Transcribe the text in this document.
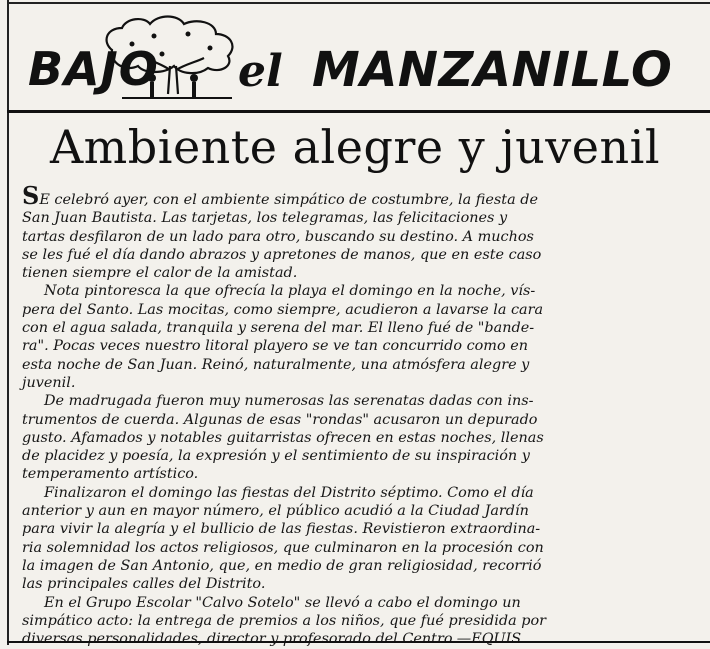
BAJO el MANZANILLO
Ambiente alegre y juvenil
SE celebró ayer, con el ambiente simpático de costumbre, la fiesta de
San Juan Bautista. Las tarjetas, los telegramas, las felicitaciones y
tartas desfilaron de un lado para otro, buscando su destino. A muchos
se les fué el día dando abrazos y apretones de manos, que en este caso
tienen siempre el calor de la amistad.
Nota pintoresca la que ofrecía la playa el domingo en la noche, vís-
pera del Santo. Las mocitas, como siempre, acudieron a lavarse la cara
con el agua salada, tranquila y serena del mar. El lleno fué de "bande-
ra". Pocas veces nuestro litoral playero se ve tan concurrido como en
esta noche de San Juan. Reinó, naturalmente, una atmósfera alegre y
juvenil.
De madrugada fueron muy numerosas las serenatas dadas con ins-
trumentos de cuerda. Algunas de esas "rondas" acusaron un depurado
gusto. Afamados y notables guitarristas ofrecen en estas noches, llenas
de placidez y poesía, la expresión y el sentimiento de su inspiración y
temperamento artístico.
Finalizaron el domingo las fiestas del Distrito séptimo. Como el día
anterior y aun en mayor número, el público acudió a la Ciudad Jardín
para vivir la alegría y el bullicio de las fiestas. Revistieron extraordina-
ria solemnidad los actos religiosos, que culminaron en la procesión con
la imagen de San Antonio, que, en medio de gran religiosidad, recorrió
las principales calles del Distrito.
En el Grupo Escolar "Calvo Sotelo" se llevó a cabo el domingo un
simpático acto: la entrega de premios a los niños, que fué presidida por
diversas personalidades, director y profesorado del Centro.—EQUIS.
